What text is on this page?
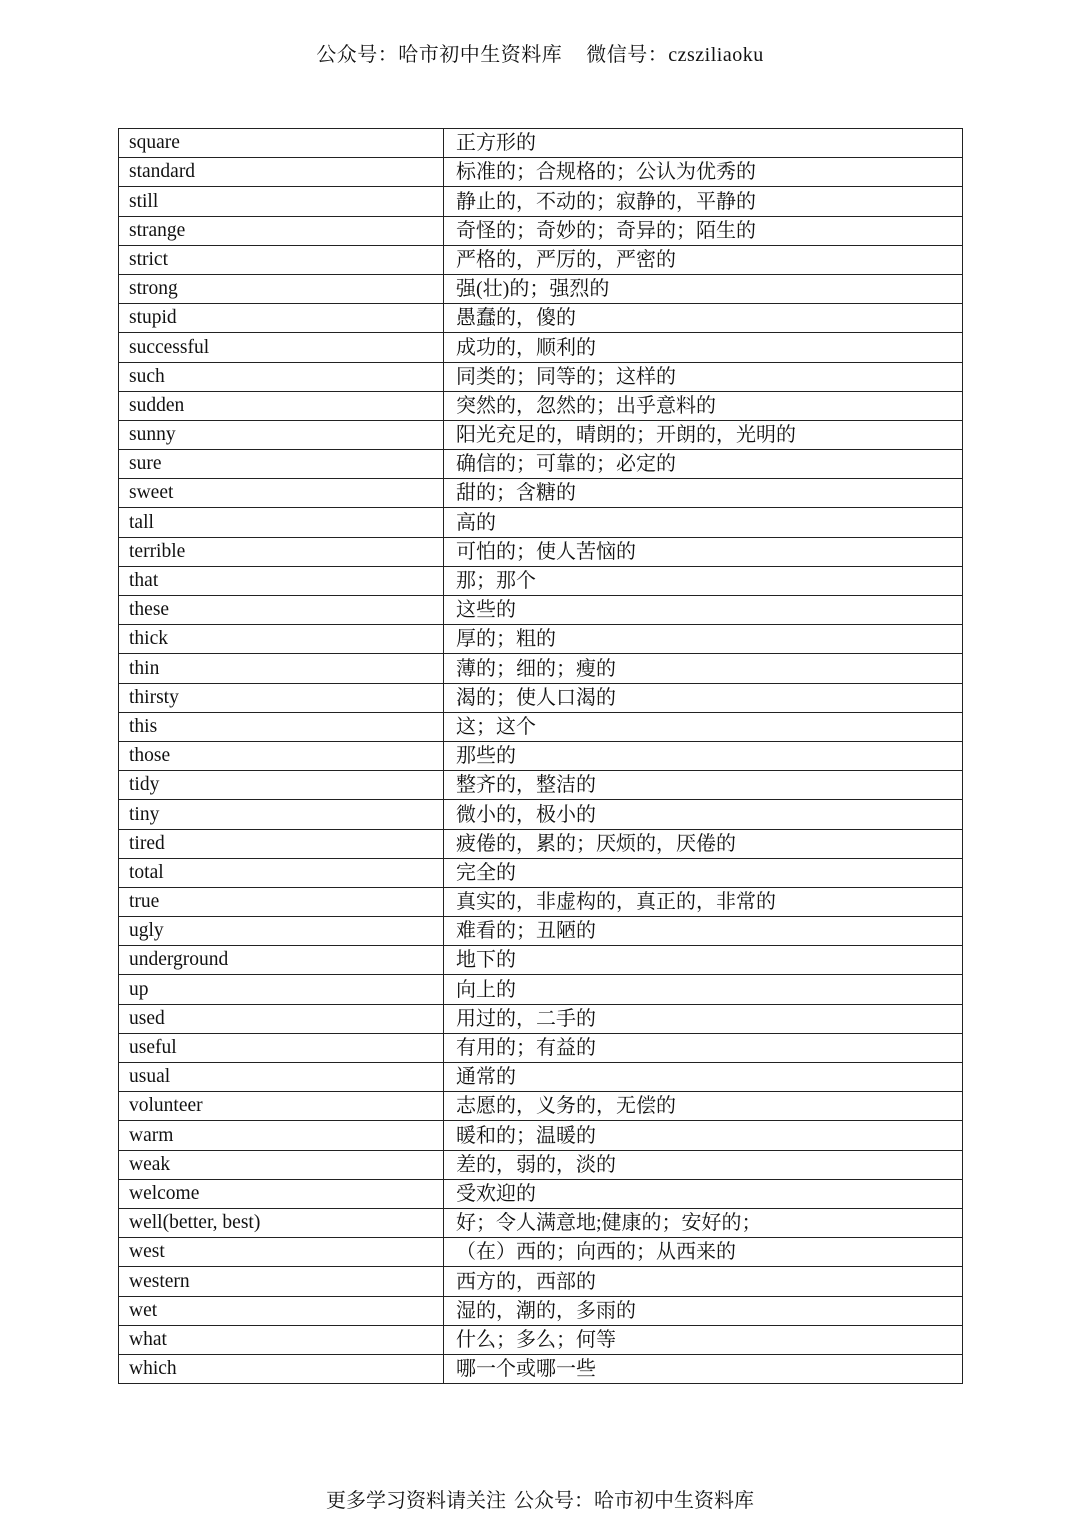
公众号：哈市初中生资料库 微信号：czsziliaoku
square	正方形的
standard	标准的；合规格的；公认为优秀的
still	静止的，不动的；寂静的，平静的
strange	奇怪的；奇妙的；奇异的；陌生的
strict	严格的，严厉的，严密的
strong	强(壮)的；强烈的
stupid	愚蠢的，傻的
successful	成功的，顺利的
such	同类的；同等的；这样的
sudden	突然的，忽然的；出乎意料的
sunny	阳光充足的，晴朗的；开朗的，光明的
sure	确信的；可靠的；必定的
sweet	甜的；含糖的
tall	高的
terrible	可怕的；使人苦恼的
that	那；那个
these	这些的
thick	厚的；粗的
thin	薄的；细的；瘦的
thirsty	渴的；使人口渴的
this	这；这个
those	那些的
tidy	整齐的，整洁的
tiny	微小的，极小的
tired	疲倦的，累的；厌烦的，厌倦的
total	完全的
true	真实的，非虚构的，真正的，非常的
ugly	难看的；丑陋的
underground	地下的
up	向上的
used	用过的，二手的
useful	有用的；有益的
usual	通常的
volunteer	志愿的，义务的，无偿的
warm	暖和的；温暖的
weak	差的，弱的，淡的
welcome	受欢迎的
well(better, best)	好；令人满意地;健康的；安好的；
west	（在）西的；向西的；从西来的
western	西方的，西部的
wet	湿的，潮的，多雨的
what	什么；多么；何等
which	哪一个或哪一些
更多学习资料请关注 公众号：哈市初中生资料库
